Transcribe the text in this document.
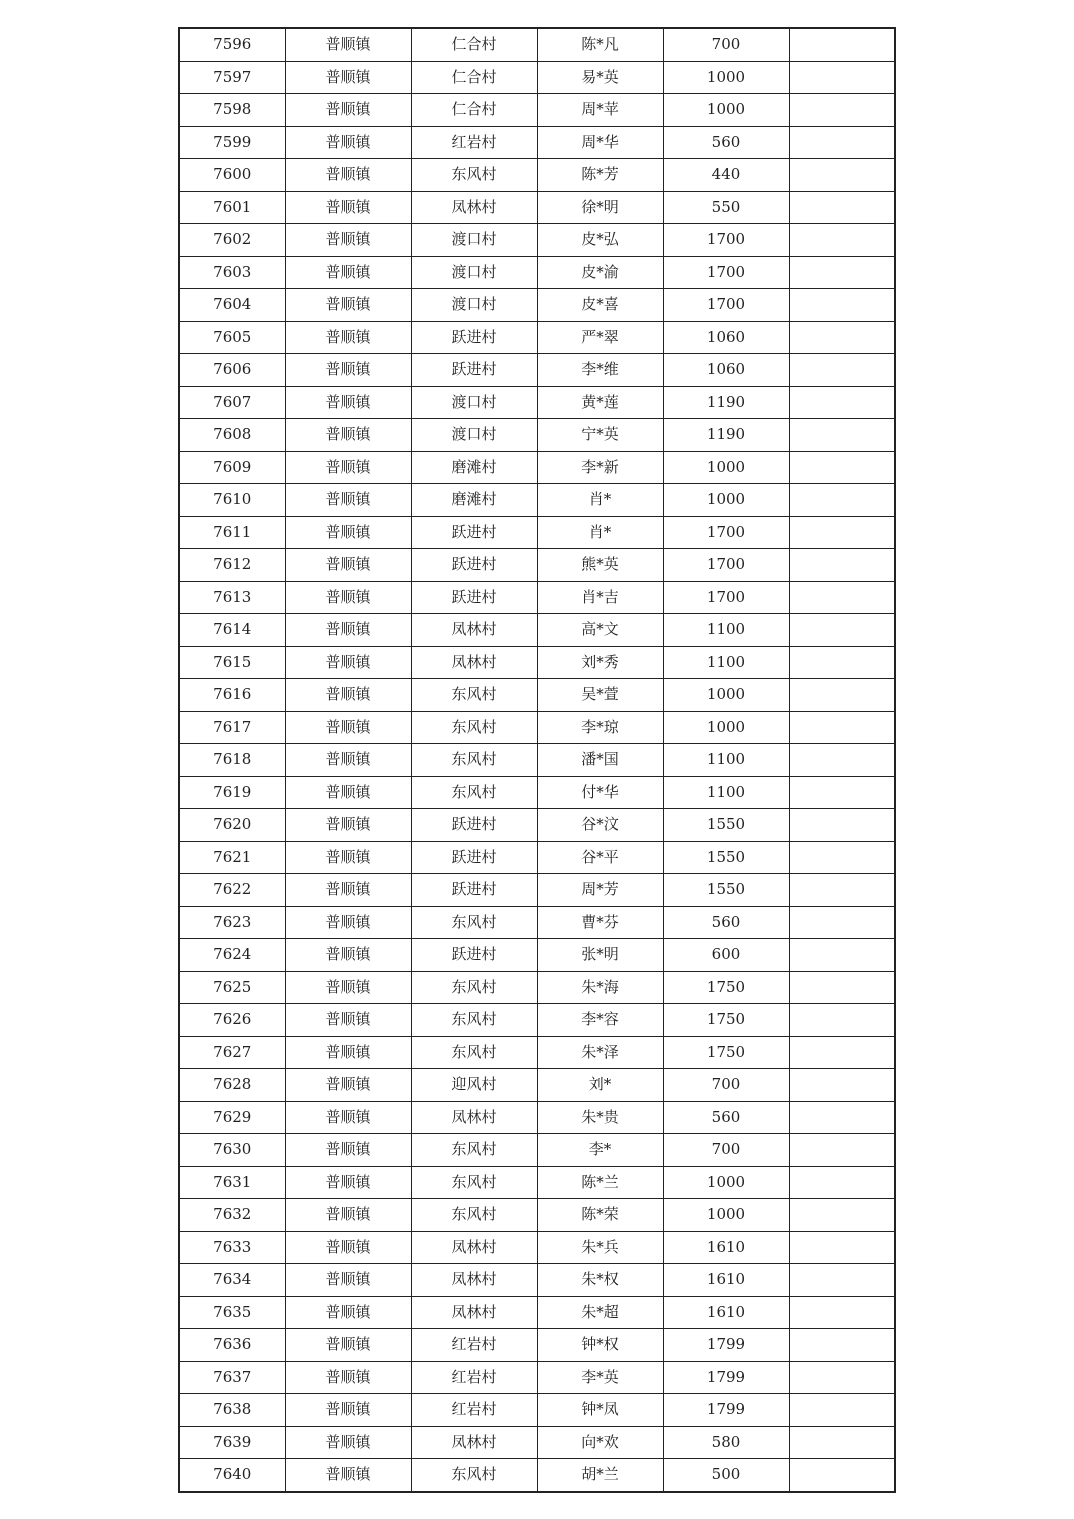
7596	普顺镇	仁合村	陈*凡	700	
7597	普顺镇	仁合村	易*英	1000	
7598	普顺镇	仁合村	周*苹	1000	
7599	普顺镇	红岩村	周*华	560	
7600	普顺镇	东风村	陈*芳	440	
7601	普顺镇	凤林村	徐*明	550	
7602	普顺镇	渡口村	皮*弘	1700	
7603	普顺镇	渡口村	皮*渝	1700	
7604	普顺镇	渡口村	皮*喜	1700	
7605	普顺镇	跃进村	严*翠	1060	
7606	普顺镇	跃进村	李*维	1060	
7607	普顺镇	渡口村	黄*莲	1190	
7608	普顺镇	渡口村	宁*英	1190	
7609	普顺镇	磨滩村	李*新	1000	
7610	普顺镇	磨滩村	肖*	1000	
7611	普顺镇	跃进村	肖*	1700	
7612	普顺镇	跃进村	熊*英	1700	
7613	普顺镇	跃进村	肖*吉	1700	
7614	普顺镇	凤林村	高*文	1100	
7615	普顺镇	凤林村	刘*秀	1100	
7616	普顺镇	东风村	吴*萱	1000	
7617	普顺镇	东风村	李*琼	1000	
7618	普顺镇	东风村	潘*国	1100	
7619	普顺镇	东风村	付*华	1100	
7620	普顺镇	跃进村	谷*汶	1550	
7621	普顺镇	跃进村	谷*平	1550	
7622	普顺镇	跃进村	周*芳	1550	
7623	普顺镇	东风村	曹*芬	560	
7624	普顺镇	跃进村	张*明	600	
7625	普顺镇	东风村	朱*海	1750	
7626	普顺镇	东风村	李*容	1750	
7627	普顺镇	东风村	朱*泽	1750	
7628	普顺镇	迎风村	刘*	700	
7629	普顺镇	凤林村	朱*贵	560	
7630	普顺镇	东风村	李*	700	
7631	普顺镇	东风村	陈*兰	1000	
7632	普顺镇	东风村	陈*荣	1000	
7633	普顺镇	凤林村	朱*兵	1610	
7634	普顺镇	凤林村	朱*权	1610	
7635	普顺镇	凤林村	朱*超	1610	
7636	普顺镇	红岩村	钟*权	1799	
7637	普顺镇	红岩村	李*英	1799	
7638	普顺镇	红岩村	钟*凤	1799	
7639	普顺镇	凤林村	向*欢	580	
7640	普顺镇	东风村	胡*兰	500	
